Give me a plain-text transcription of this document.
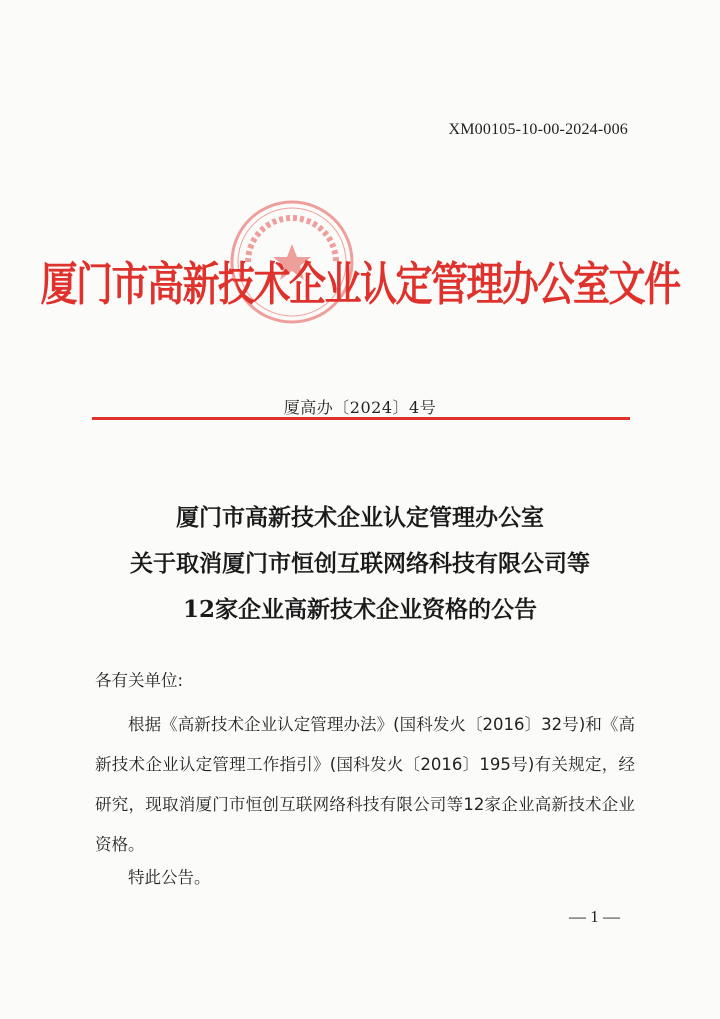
XM00105-10-00-2024-006
厦门市高新技术企业认定管理办公室文件
厦高办〔2024〕4号
厦门市高新技术企业认定管理办公室
关于取消厦门市恒创互联网络科技有限公司等
12家企业高新技术企业资格的公告
各有关单位:
根据《高新技术企业认定管理办法》(国科发火〔2016〕32号)和《高新技术企业认定管理工作指引》(国科发火〔2016〕195号)有关规定，经研究，现取消厦门市恒创互联网络科技有限公司等12家企业高新技术企业资格。
特此公告。
— 1 —
